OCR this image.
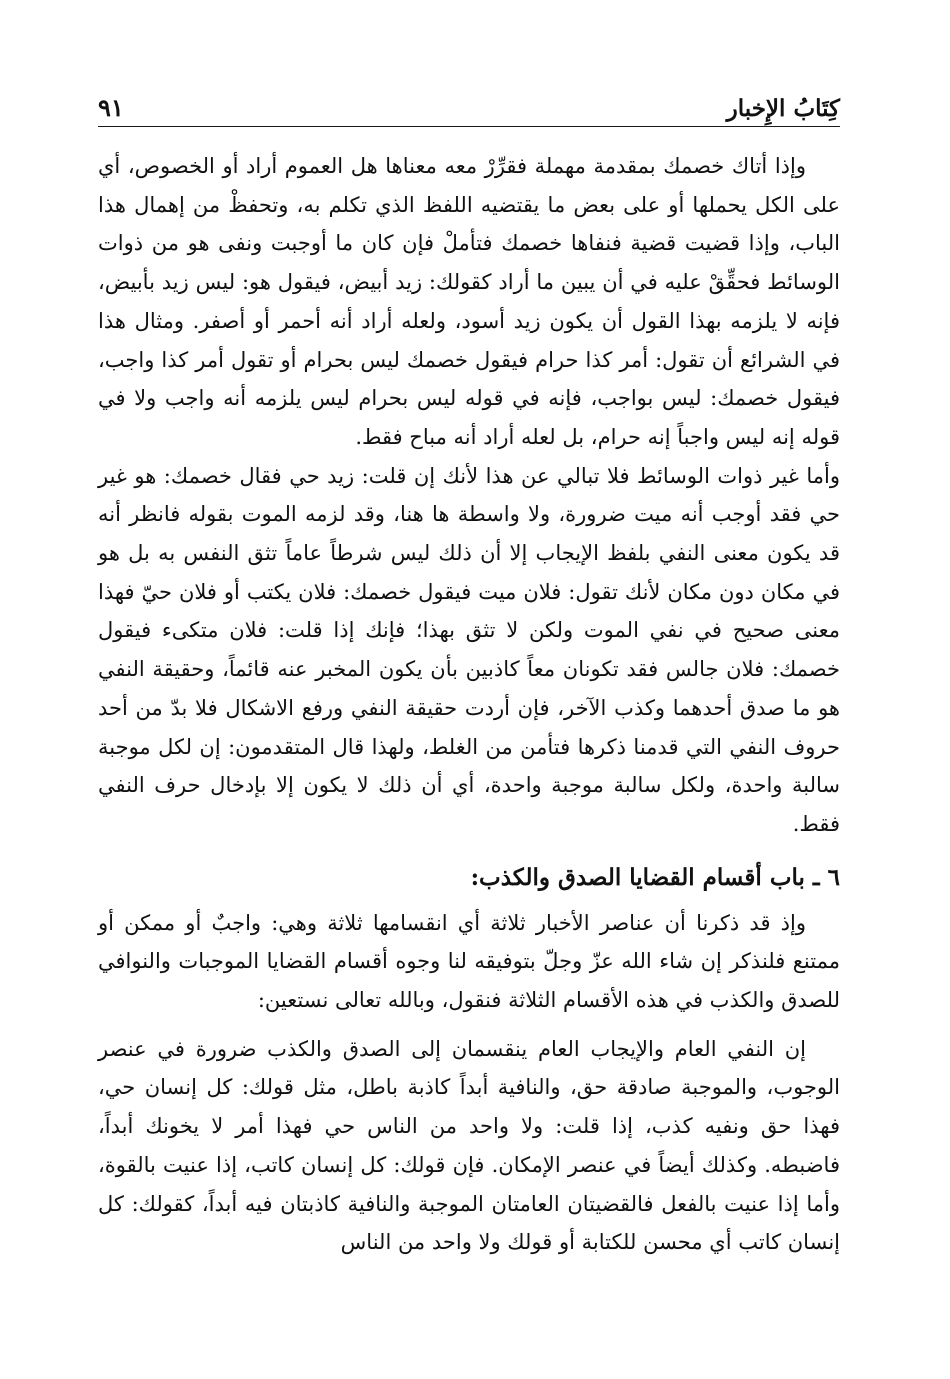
كِتَابُ الإِخبار
٩١

وإذا أتاك خصمك بمقدمة مهملة فقرِّرْ معه معناها هل العموم أراد أو الخصوص، أي على الكل يحملها أو على بعض ما يقتضيه اللفظ الذي تكلم به، وتحفظْ من إهمال هذا الباب، وإذا قضيت قضية فنفاها خصمك فتأملْ فإن كان ما أوجبت ونفى هو من ذوات الوسائط فحقِّقْ عليه في أن يبين ما أراد كقولك: زيد أبيض، فيقول هو: ليس زيد بأبيض، فإنه لا يلزمه بهذا القول أن يكون زيد أسود، ولعله أراد أنه أحمر أو أصفر. ومثال هذا في الشرائع أن تقول: أمر كذا حرام فيقول خصمك ليس بحرام أو تقول أمر كذا واجب، فيقول خصمك: ليس بواجب، فإنه في قوله ليس بحرام ليس يلزمه أنه واجب ولا في قوله إنه ليس واجباً إنه حرام، بل لعله أراد أنه مباح فقط.

وأما غير ذوات الوسائط فلا تبالي عن هذا لأنك إن قلت: زيد حي فقال خصمك: هو غير حي فقد أوجب أنه ميت ضرورة، ولا واسطة ها هنا، وقد لزمه الموت بقوله فانظر أنه قد يكون معنى النفي بلفظ الإيجاب إلا أن ذلك ليس شرطاً عاماً تثق النفس به بل هو في مكان دون مكان لأنك تقول: فلان ميت فيقول خصمك: فلان يكتب أو فلان حيّ فهذا معنى صحيح في نفي الموت ولكن لا تثق بهذا؛ فإنك إذا قلت: فلان متكىء فيقول خصمك: فلان جالس فقد تكونان معاً كاذبين بأن يكون المخبر عنه قائماً، وحقيقة النفي هو ما صدق أحدهما وكذب الآخر، فإن أردت حقيقة النفي ورفع الاشكال فلا بدّ من أحد حروف النفي التي قدمنا ذكرها فتأمن من الغلط، ولهذا قال المتقدمون: إن لكل موجبة سالبة واحدة، ولكل سالبة موجبة واحدة، أي أن ذلك لا يكون إلا بإدخال حرف النفي فقط.

٦ ـ باب أقسام القضايا الصدق والكذب:

وإذ قد ذكرنا أن عناصر الأخبار ثلاثة أي انقسامها ثلاثة وهي: واجبٌ أو ممكن أو ممتنع فلنذكر إن شاء الله عزّ وجلّ بتوفيقه لنا وجوه أقسام القضايا الموجبات والنوافي للصدق والكذب في هذه الأقسام الثلاثة فنقول، وبالله تعالى نستعين:

إن النفي العام والإيجاب العام ينقسمان إلى الصدق والكذب ضرورة في عنصر الوجوب، والموجبة صادقة حق، والنافية أبداً كاذبة باطل، مثل قولك: كل إنسان حي، فهذا حق ونفيه كذب، إذا قلت: ولا واحد من الناس حي فهذا أمر لا يخونك أبداً، فاضبطه. وكذلك أيضاً في عنصر الإمكان. فإن قولك: كل إنسان كاتب، إذا عنيت بالقوة، وأما إذا عنيت بالفعل فالقضيتان العامتان الموجبة والنافية كاذبتان فيه أبداً، كقولك: كل إنسان كاتب أي محسن للكتابة أو قولك ولا واحد من الناس
